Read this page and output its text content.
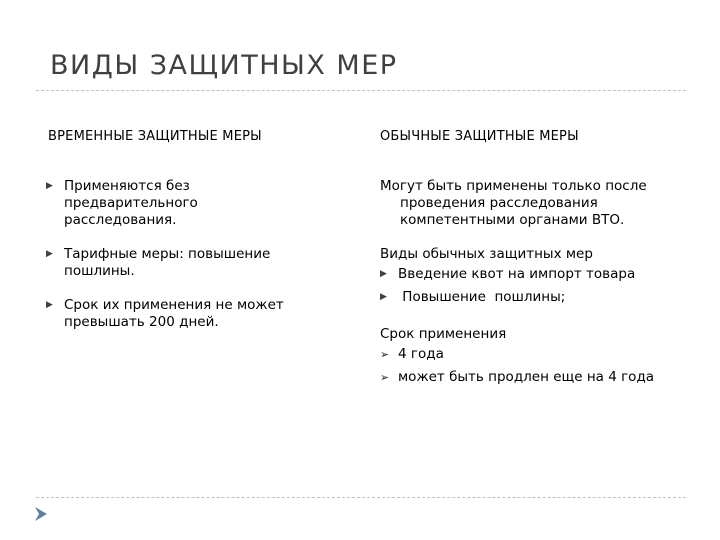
ВИДЫ ЗАЩИТНЫХ МЕР

ВРЕМЕННЫЕ ЗАЩИТНЫЕ МЕРЫ

▶ Применяются без
предварительного
расследования.
▶ Тарифные меры: повышение
пошлины.
▶ Срок их применения не может
превышать 200 дней.

ОБЫЧНЫЕ ЗАЩИТНЫЕ МЕРЫ

Могут быть применены только после
проведения расследования
компетентными органами ВТО.

Виды обычных защитных мер

▶ Введение квот на импорт товара
▶ Повышение  пошлины;

Срок применения

➢ 4 года
➢ может быть продлен еще на 4 года
